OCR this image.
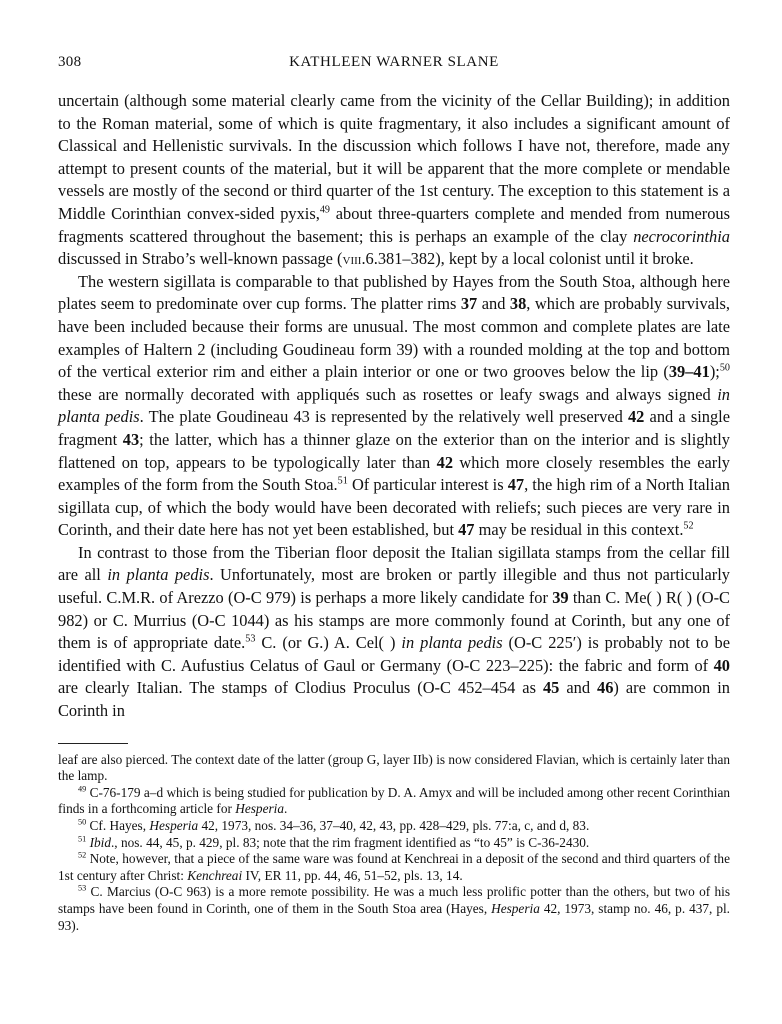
308	KATHLEEN WARNER SLANE

uncertain (although some material clearly came from the vicinity of the Cellar Building); in addition to the Roman material, some of which is quite fragmentary, it also includes a significant amount of Classical and Hellenistic survivals. In the discussion which follows I have not, therefore, made any attempt to present counts of the material, but it will be apparent that the more complete or mendable vessels are mostly of the second or third quarter of the 1st century. The exception to this statement is a Middle Corinthian convex-sided pyxis,$^{49}$ about three-quarters complete and mended from numerous fragments scattered throughout the basement; this is perhaps an example of the clay necrocorinthia discussed in Strabo’s well-known passage (viii.6.381–382), kept by a local colonist until it broke.

The western sigillata is comparable to that published by Hayes from the South Stoa, although here plates seem to predominate over cup forms. The platter rims 37 and 38, which are probably survivals, have been included because their forms are unusual. The most common and complete plates are late examples of Haltern 2 (including Goudineau form 39) with a rounded molding at the top and bottom of the vertical exterior rim and either a plain interior or one or two grooves below the lip (39–41);$^{50}$ these are normally decorated with appliqués such as rosettes or leafy swags and always signed in planta pedis. The plate Goudineau 43 is represented by the relatively well preserved 42 and a single fragment 43; the latter, which has a thinner glaze on the exterior than on the interior and is slightly flattened on top, appears to be typologically later than 42 which more closely resembles the early examples of the form from the South Stoa.$^{51}$ Of particular interest is 47, the high rim of a North Italian sigillata cup, of which the body would have been decorated with reliefs; such pieces are very rare in Corinth, and their date here has not yet been established, but 47 may be residual in this context.$^{52}$

In contrast to those from the Tiberian floor deposit the Italian sigillata stamps from the cellar fill are all in planta pedis. Unfortunately, most are broken or partly illegible and thus not particularly useful. C.M.R. of Arezzo (O-C 979) is perhaps a more likely candidate for 39 than C. Me( ) R( ) (O-C 982) or C. Murrius (O-C 1044) as his stamps are more commonly found at Corinth, but any one of them is of appropriate date.$^{53}$ C. (or G.) A. Cel( ) in planta pedis (O-C 225′) is probably not to be identified with C. Aufustius Celatus of Gaul or Germany (O-C 223–225): the fabric and form of 40 are clearly Italian. The stamps of Clodius Proculus (O-C 452–454 as 45 and 46) are common in Corinth in

leaf are also pierced. The context date of the latter (group G, layer IIb) is now considered Flavian, which is certainly later than the lamp.

$^{49}$ C-76-179 a–d which is being studied for publication by D. A. Amyx and will be included among other recent Corinthian finds in a forthcoming article for Hesperia.

$^{50}$ Cf. Hayes, Hesperia 42, 1973, nos. 34–36, 37–40, 42, 43, pp. 428–429, pls. 77:a, c, and d, 83.

$^{51}$ Ibid., nos. 44, 45, p. 429, pl. 83; note that the rim fragment identified as “to 45” is C-36-2430.

$^{52}$ Note, however, that a piece of the same ware was found at Kenchreai in a deposit of the second and third quarters of the 1st century after Christ: Kenchreai IV, ER 11, pp. 44, 46, 51–52, pls. 13, 14.

$^{53}$ C. Marcius (O-C 963) is a more remote possibility. He was a much less prolific potter than the others, but two of his stamps have been found in Corinth, one of them in the South Stoa area (Hayes, Hesperia 42, 1973, stamp no. 46, p. 437, pl. 93).
